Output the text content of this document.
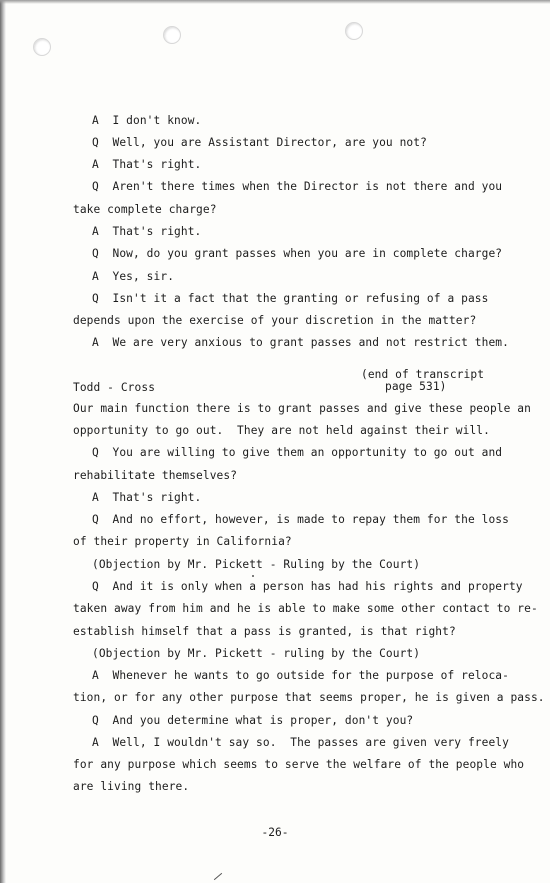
A  I don't know.
Q  Well, you are Assistant Director, are you not?
A  That's right.
Q  Aren't there times when the Director is not there and you
take complete charge?
A  That's right.
Q  Now, do you grant passes when you are in complete charge?
A  Yes, sir.
Q  Isn't it a fact that the granting or refusing of a pass
depends upon the exercise of your discretion in the matter?
A  We are very anxious to grant passes and not restrict them.
(end of transcript
page 531)
Todd - Cross
Our main function there is to grant passes and give these people an
opportunity to go out.  They are not held against their will.
Q  You are willing to give them an opportunity to go out and
rehabilitate themselves?
A  That's right.
Q  And no effort, however, is made to repay them for the loss
of their property in California?
(Objection by Mr. Pickett - Ruling by the Court)
Q  And it is only when a person has had his rights and property
taken away from him and he is able to make some other contact to re-
establish himself that a pass is granted, is that right?
(Objection by Mr. Pickett - ruling by the Court)
A  Whenever he wants to go outside for the purpose of reloca-
tion, or for any other purpose that seems proper, he is given a pass.
Q  And you determine what is proper, don't you?
A  Well, I wouldn't say so.  The passes are given very freely
for any purpose which seems to serve the welfare of the people who
are living there.
-26-
